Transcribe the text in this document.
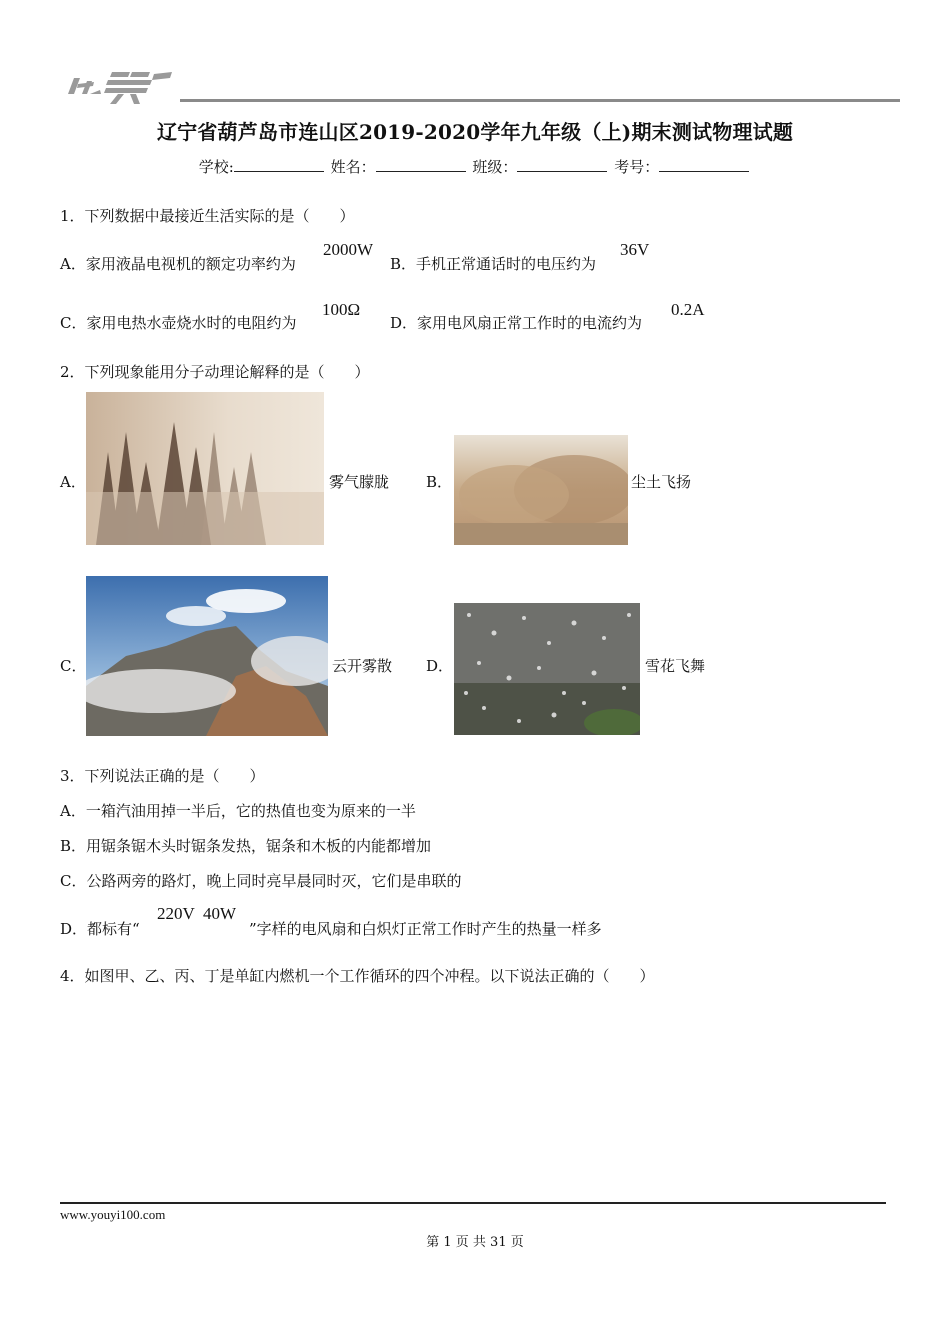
辽宁省葫芦岛市连山区2019-2020学年九年级（上)期末测试物理试题
学校:	姓名：	班级：	考号：
1．下列数据中最接近生活实际的是（　　）
A．家用液晶电视机的额定功率约为
2000W
B．手机正常通话时的电压约为
36V
C．家用电热水壶烧水时的电阻约为
100Ω
D．家用电风扇正常工作时的电流约为
0.2A
2．下列现象能用分子动理论解释的是（　　）
A．	雾气朦胧 B．	尘土飞扬
C．	云开雾散 D．	雪花飞舞
3．下列说法正确的是（　　）
A．一箱汽油用掉一半后，它的热值也变为原来的一半
B．用锯条锯木头时锯条发热，锯条和木板的内能都增加
C．公路两旁的路灯，晚上同时亮早晨同时灭，它们是串联的
D．都标有“
220V  40W
”字样的电风扇和白炽灯正常工作时产生的热量一样多
4．如图甲、乙、丙、丁是单缸内燃机一个工作循环的四个冲程。以下说法正确的（　　）
www.youyi100.com
第 1 页 共 31 页
